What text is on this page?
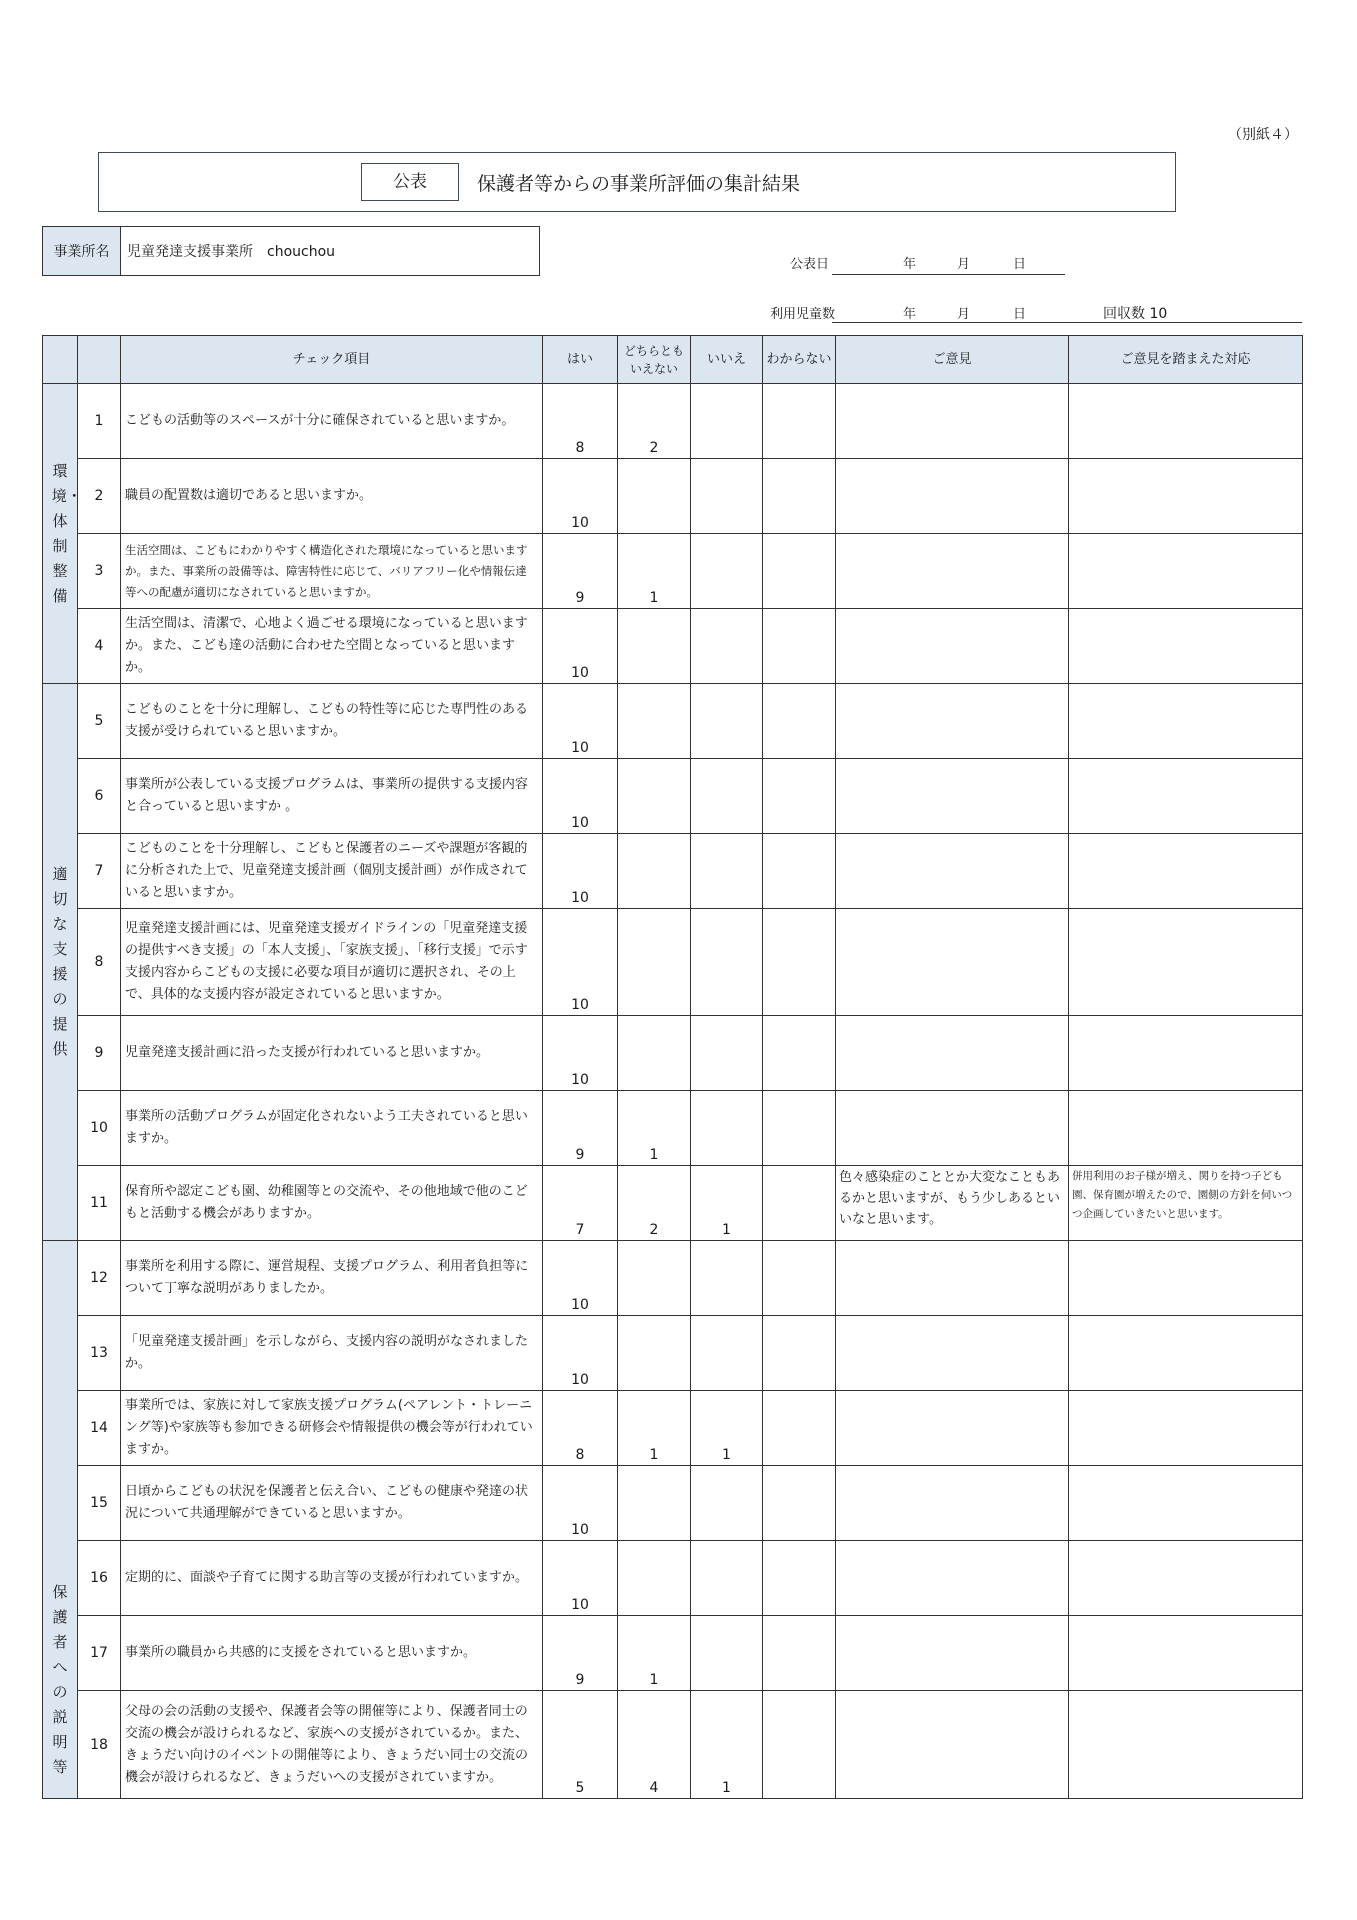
（別紙４）
公表	保護者等からの事業所評価の集計結果
事業所名	児童発達支援事業所　chouchou
公表日	年	月	日
利用児童数	年	月	日	回収数 10
		チェック項目	はい	どちらとも
いえない	いいえ	わからない	ご意見	ご意見を踏まえた対応
環境・体制整備	1	こどもの活動等のスペースが十分に確保されていると思いますか。	8	2				
	2	職員の配置数は適切であると思いますか。	10					
	3	生活空間は、こどもにわかりやすく構造化された環境になっていると思いますか。また、事業所の設備等は、障害特性に応じて、バリアフリー化や情報伝達等への配慮が適切になされていると思いますか。	9	1				
	4	生活空間は、清潔で、心地よく過ごせる環境になっていると思いますか。また、こども達の活動に合わせた空間となっていると思いますか。	10					
適切な支援の提供	5	こどものことを十分に理解し、こどもの特性等に応じた専門性のある支援が受けられていると思いますか。	10					
	6	事業所が公表している支援プログラムは、事業所の提供する支援内容と合っていると思いますか 。	10					
	7	こどものことを十分理解し、こどもと保護者のニーズや課題が客観的に分析された上で、児童発達支援計画（個別支援計画）が作成されていると思いますか。	10					
	8	児童発達支援計画には、児童発達支援ガイドラインの「児童発達支援の提供すべき支援」の「本人支援」、「家族支援」、「移行支援」で示す支援内容からこどもの支援に必要な項目が適切に選択され、その上で、具体的な支援内容が設定されていると思いますか。	10					
	9	児童発達支援計画に沿った支援が行われていると思いますか。	10					
	10	事業所の活動プログラムが固定化されないよう工夫されていると思いますか。	9	1				
	11	保育所や認定こども園、幼稚園等との交流や、その他地域で他のこどもと活動する機会がありますか。	7	2	1		色々感染症のこととか大変なこともあるかと思いますが、もう少しあるといいなと思います。	併用利用のお子様が増え、関りを持つ子ども園、保育園が増えたので、園側の方針を伺いつつ企画していきたいと思います。
保護者への説明等	12	事業所を利用する際に、運営規程、支援プログラム、利用者負担等について丁寧な説明がありましたか。	10					
	13	「児童発達支援計画」を示しながら、支援内容の説明がなされましたか。	10					
	14	事業所では、家族に対して家族支援プログラム(ペアレント・トレーニング等)や家族等も参加できる研修会や情報提供の機会等が行われていますか。	8	1	1			
	15	日頃からこどもの状況を保護者と伝え合い、こどもの健康や発達の状況について共通理解ができていると思いますか。	10					
	16	定期的に、面談や子育てに関する助言等の支援が行われていますか。	10					
	17	事業所の職員から共感的に支援をされていると思いますか。	9	1				
	18	父母の会の活動の支援や、保護者会等の開催等により、保護者同士の交流の機会が設けられるなど、家族への支援がされているか。また、きょうだい向けのイベントの開催等により、きょうだい同士の交流の機会が設けられるなど、きょうだいへの支援がされていますか。	5	4	1			
